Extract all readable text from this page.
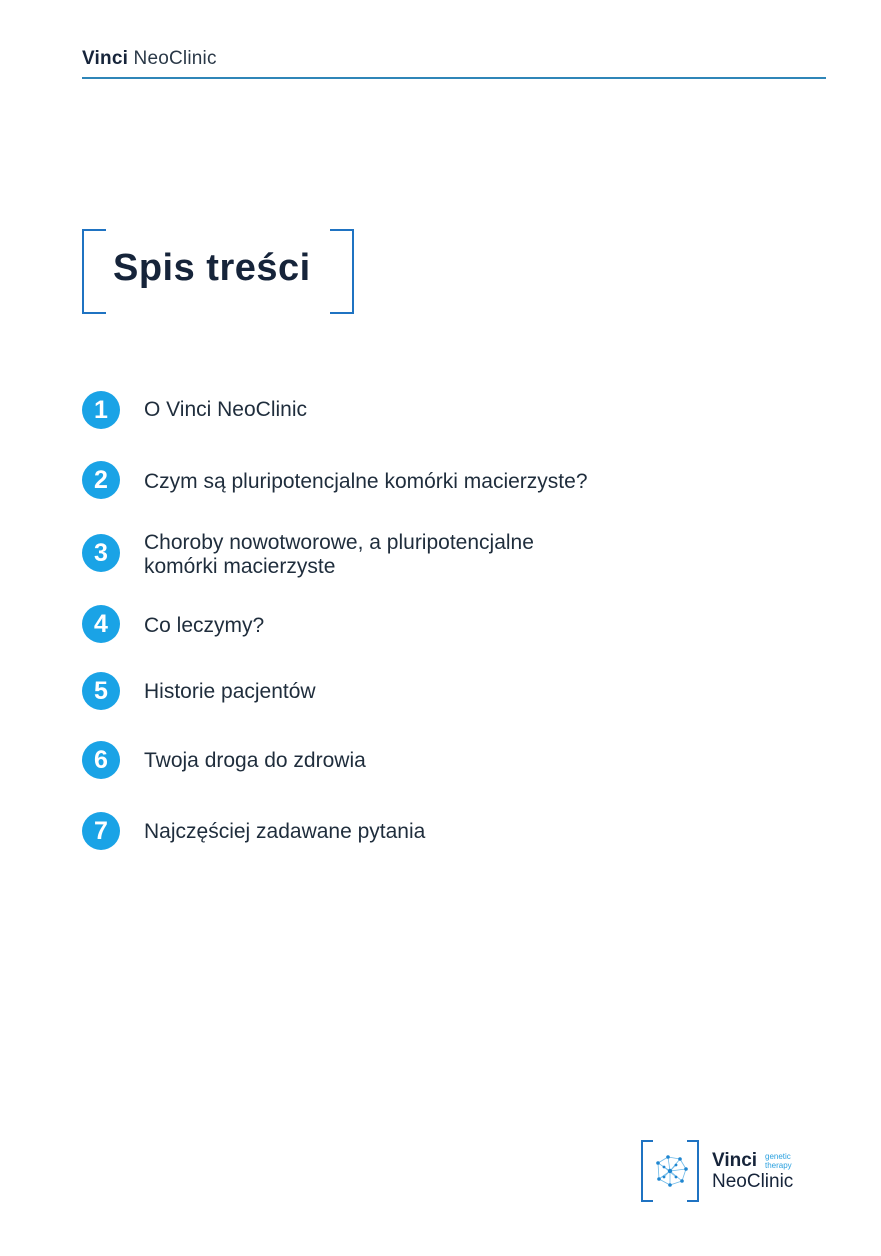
Vinci NeoClinic
Spis treści
1	O Vinci NeoClinic
2	Czym są pluripotencjalne komórki macierzyste?
3	Choroby nowotworowe, a pluripotencjalne
komórki macierzyste
4	Co leczymy?
5	Historie pacjentów
6	Twoja droga do zdrowia
7	Najczęściej zadawane pytania
Vinci genetic
therapy
NeoClinic
